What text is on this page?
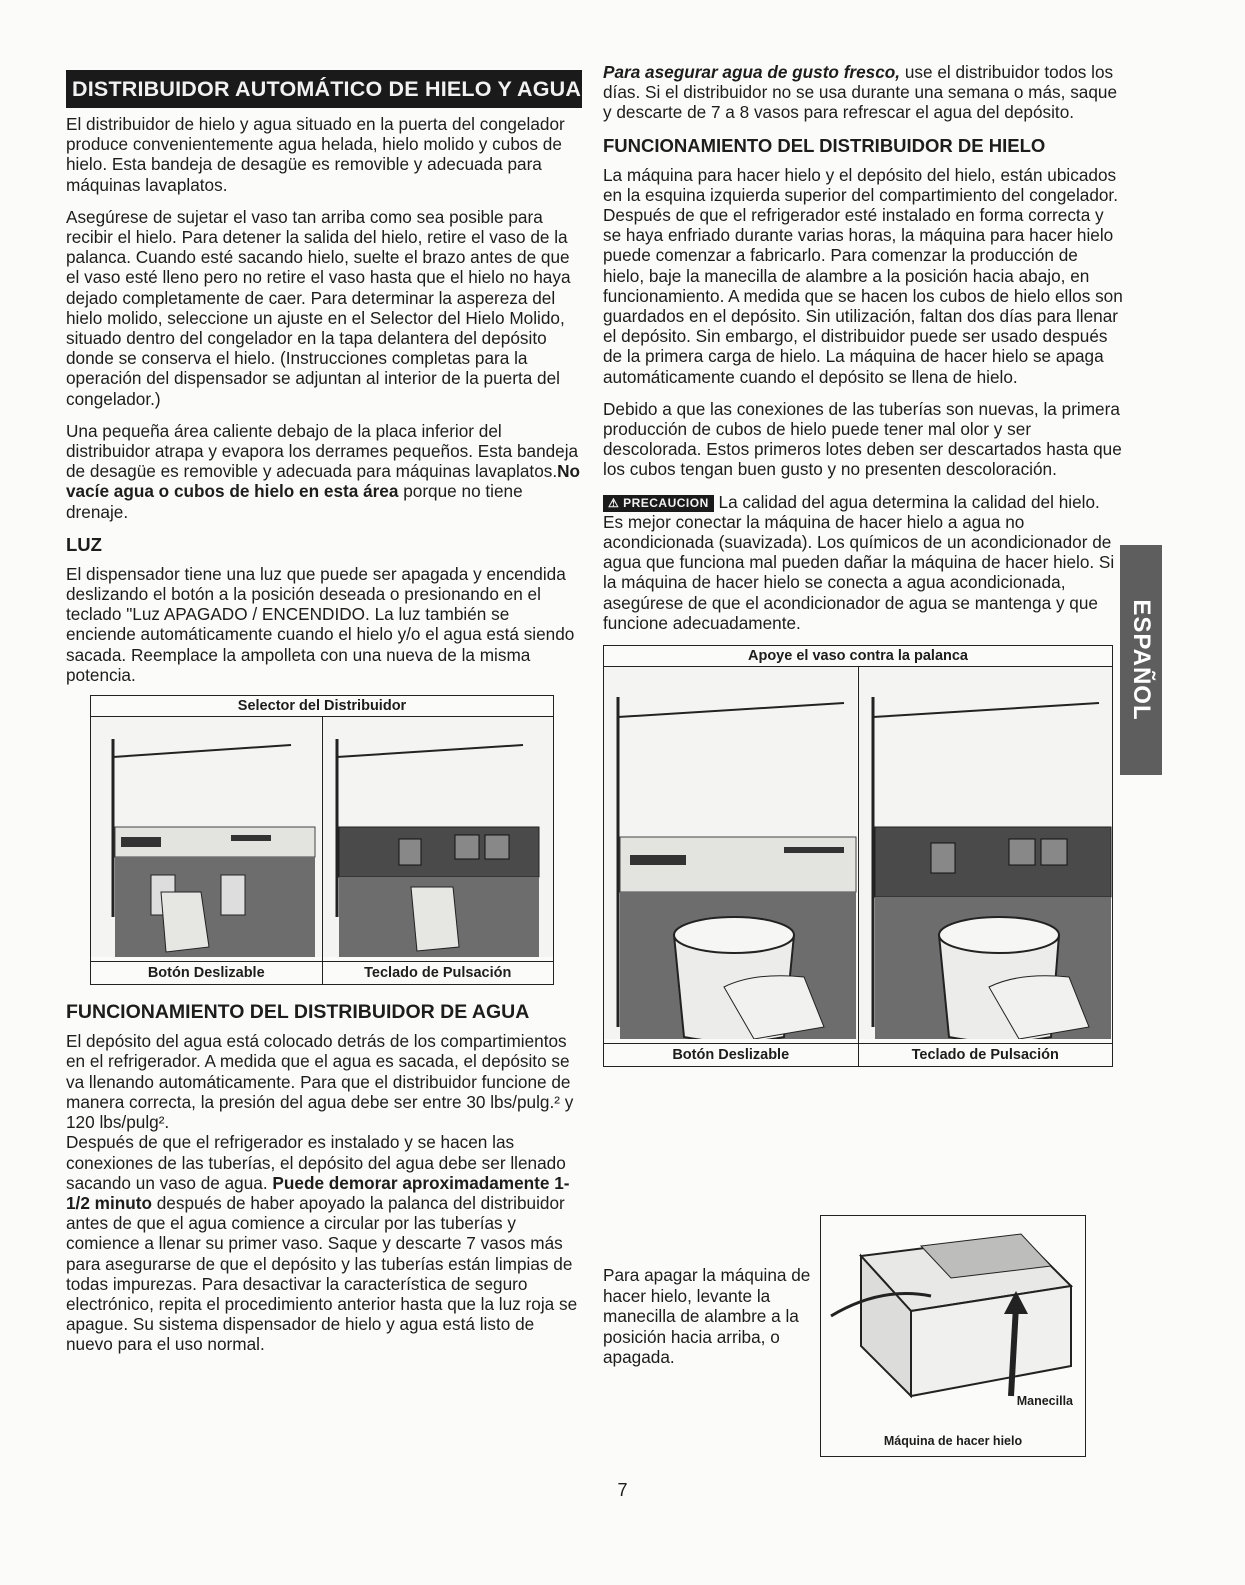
DISTRIBUIDOR AUTOMÁTICO DE HIELO Y AGUA

El distribuidor de hielo y agua situado en la puerta del congelador produce convenientemente agua helada, hielo molido y cubos de hielo. Esta bandeja de desagüe es removible y adecuada para máquinas lavaplatos.

Asegúrese de sujetar el vaso tan arriba como sea posible para recibir el hielo. Para detener la salida del hielo, retire el vaso de la palanca. Cuando esté sacando hielo, suelte el brazo antes de que el vaso esté lleno pero no retire el vaso hasta que el hielo no haya dejado completamente de caer. Para determinar la aspereza del hielo molido, seleccione un ajuste en el Selector del Hielo Molido, situado dentro del congelador en la tapa delantera del depósito donde se conserva el hielo. (Instrucciones completas para la operación del dispensador se adjuntan al interior de la puerta del congelador.)

Una pequeña área caliente debajo de la placa inferior del distribuidor atrapa y evapora los derrames pequeños. Esta bandeja de desagüe es removible y adecuada para máquinas lavaplatos.No vacíe agua o cubos de hielo en esta área porque no tiene drenaje.

LUZ

El dispensador tiene una luz que puede ser apagada y encendida deslizando el botón a la posición deseada o presionando en el teclado "Luz APAGADO / ENCENDIDO. La luz también se enciende automáticamente cuando el hielo y/o el agua está siendo sacada. Reemplace la ampolleta con una nueva de la misma potencia.

Selector del Distribuidor
Botón Deslizable	Teclado de Pulsación
FUNCIONAMIENTO DEL DISTRIBUIDOR DE AGUA

El depósito del agua está colocado detrás de los compartimientos en el refrigerador. A medida que el agua es sacada, el depósito se va llenando automáticamente. Para que el distribuidor funcione de manera correcta, la presión del agua debe ser entre 30 lbs/pulg.² y 120 lbs/pulg².

Después de que el refrigerador es instalado y se hacen las conexiones de las tuberías, el depósito del agua debe ser llenado sacando un vaso de agua. Puede demorar aproximadamente 1-1/2 minuto después de haber apoyado la palanca del distribuidor antes de que el agua comience a circular por las tuberías y comience a llenar su primer vaso. Saque y descarte 7 vasos más para asegurarse de que el depósito y las tuberías están limpias de todas impurezas. Para desactivar la característica de seguro electrónico, repita el procedimiento anterior hasta que la luz roja se apague. Su sistema dispensador de hielo y agua está listo de nuevo para el uso normal.

Para asegurar agua de gusto fresco, use el distribuidor todos los días. Si el distribuidor no se usa durante una semana o más, saque y descarte de 7 a 8 vasos para refrescar el agua del depósito.

FUNCIONAMIENTO DEL DISTRIBUIDOR DE HIELO

La máquina para hacer hielo y el depósito del hielo, están ubicados en la esquina izquierda superior del compartimiento del congelador. Después de que el refrigerador esté instalado en forma correcta y se haya enfriado durante varias horas, la máquina para hacer hielo puede comenzar a fabricarlo. Para comenzar la producción de hielo, baje la manecilla de alambre a la posición hacia abajo, en funcionamiento. A medida que se hacen los cubos de hielo ellos son guardados en el depósito. Sin utilización, faltan dos días para llenar el depósito. Sin embargo, el distribuidor puede ser usado después de la primera carga de hielo. La máquina de hacer hielo se apaga automáticamente cuando el depósito se llena de hielo.

Debido a que las conexiones de las tuberías son nuevas, la primera producción de cubos de hielo puede tener mal olor y ser descolorada. Estos primeros lotes deben ser descartados hasta que los cubos tengan buen gusto y no presenten descoloración.

⚠ PRECAUCION La calidad del agua determina la calidad del hielo. Es mejor conectar la máquina de hacer hielo a agua no acondicionada (suavizada). Los químicos de un acondicionador de agua que funciona mal pueden dañar la máquina de hacer hielo. Si la máquina de hacer hielo se conecta a agua acondicionada, asegúrese de que el acondicionador de agua se mantenga y que funcione adecuadamente.

Apoye el vaso contra la palanca
Botón Deslizable	Teclado de Pulsación
Para apagar la máquina de hacer hielo, levante la manecilla de alambre a la posición hacia arriba, o apagada.
Manecilla
Máquina de hacer hielo
ESPAÑOL
7
